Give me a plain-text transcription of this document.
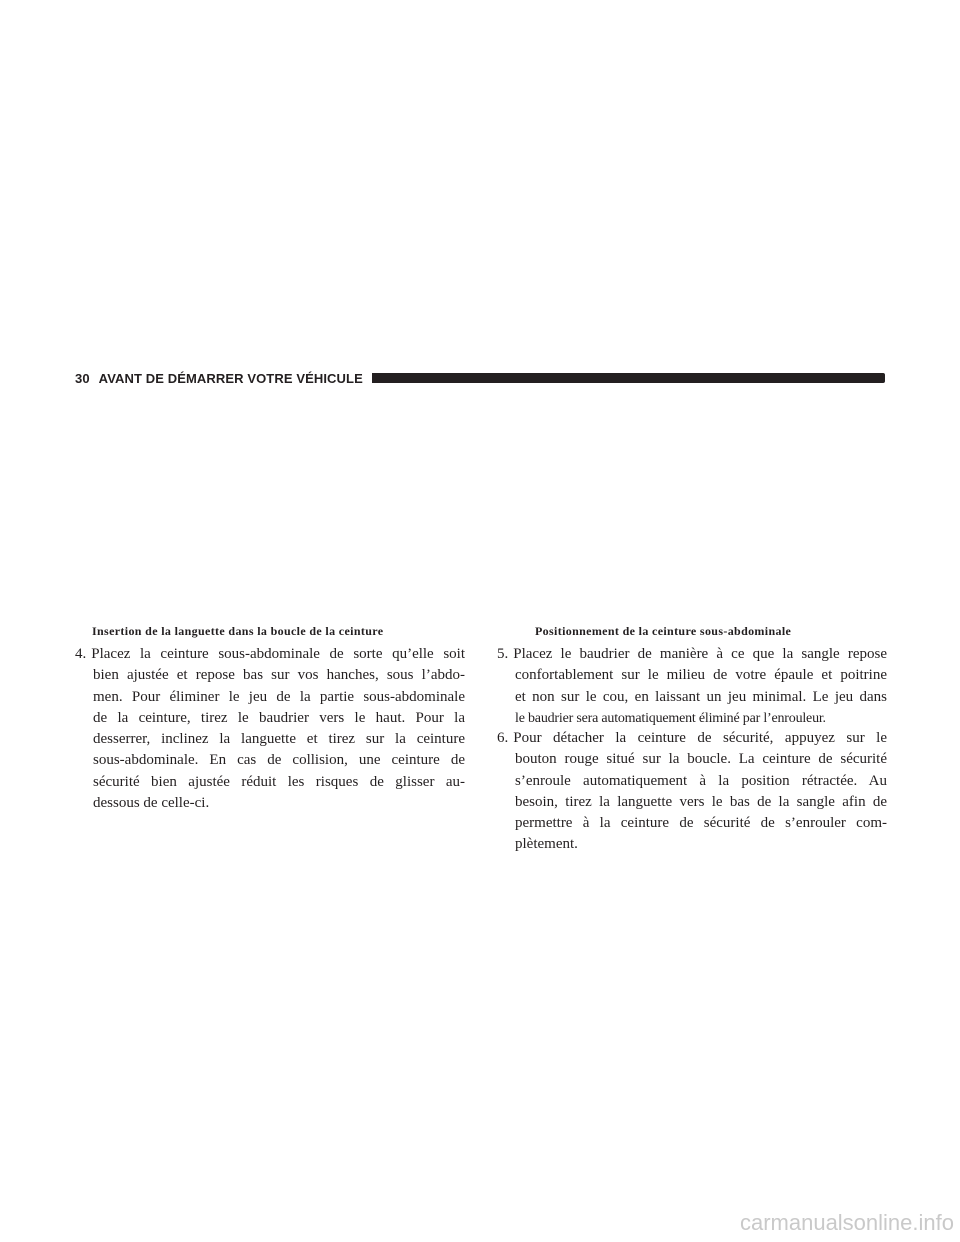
30 AVANT DE DÉMARRER VOTRE VÉHICULE
Insertion de la languette dans la boucle de la ceinture	Positionnement de la ceinture sous-abdominale
4. Placez la ceinture sous-abdominale de sorte qu’elle soit
bien ajustée et repose bas sur vos hanches, sous l’abdo-
men. Pour éliminer le jeu de la partie sous-abdominale
de la ceinture, tirez le baudrier vers le haut. Pour la
desserrer, inclinez la languette et tirez sur la ceinture
sous-abdominale. En cas de collision, une ceinture de
sécurité bien ajustée réduit les risques de glisser au-
dessous de celle-ci.
5. Placez le baudrier de manière à ce que la sangle repose
confortablement sur le milieu de votre épaule et poitrine
et non sur le cou, en laissant un jeu minimal. Le jeu dans
le baudrier sera automatiquement éliminé par l’enrouleur.
6. Pour détacher la ceinture de sécurité, appuyez sur le
bouton rouge situé sur la boucle. La ceinture de sécurité
s’enroule automatiquement à la position rétractée. Au
besoin, tirez la languette vers le bas de la sangle afin de
permettre à la ceinture de sécurité de s’enrouler com-
plètement.
carmanualsonline.info
